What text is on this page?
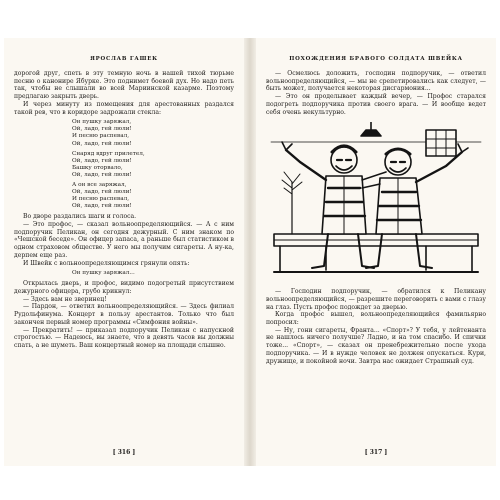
ЯРОСЛАВ ГАШЕК

дорогой друг, спеть в эту темную ночь в нашей тихой тюрьме песню о канонире Ябурке. Это поднимет боевой дух. Но надо петь так, чтобы не слышали во всей Мариинской казарме. Поэтому предлагаю закрыть дверь.

И через минуту из помещения для арестованных раздался такой рев, что в коридоре задрожали стекла:

Он пушку заряжал,
Ой, ладо, гей люли!
И песню распевал,
Ой, ладо, гей люли!
Снаряд вдруг прилетел,
Ой, ладо, гей люли!
Башку оторвало,
Ой, ладо, гей люли!
А он все заряжал,
Ой, ладо, гей люли!
И песню распевал,
Ой, ладо, гей люли!

Во дворе раздались шаги и голоса.

— Это профос, — сказал вольноопределяющийся. — А с ним подпоручик Пеликан, он сегодня дежурный. С ним знаком по «Чешской беседе». Он офицер запаса, а раньше был статистиком в одном страховом обществе. У него мы получим сигареты. А ну-ка, дерпем еще раз.

И Швейк с вольноопределяющимся грянули опять:

Он пушку заряжал...

Открылась дверь, и профос, видимо подогретый присутствием дежурного офицера, грубо крикнул:

— Здесь вам не зверинец!

— Пардон, — ответил вольноопределяющийся. — Здесь филиал Рудольфинума. Концерт в пользу арестантов. Только что был закончен первый номер программы «Симфония войны».

— Прекратить! — приказал подпоручик Пеликан с напускной строгостью. — Надеюсь, вы знаете, что в девять часов вы должны спать, а не шуметь. Ваш концертный номер на площади слышно.

[ 316 ]
ПОХОЖДЕНИЯ БРАВОГО СОЛДАТА ШВЕЙКА

— Осмелюсь доложить, господин подпоручик, — ответил вольноопределяющийся, — мы не срепетировались как следует, — быть может, получается некоторая дисгармония...

— Это он проделывает каждый вечер, — Профос старался подогреть подпоручика против своего врага. — И вообще ведет себя очень некультурно.

— Господин подпоручик, — обратился к Пеликану вольноопределяющийся, — разрешите переговорить с вами с глазу на глаз. Пусть профос подождет за дверью.

Когда профос вышел, вольноопределяющийся фамильярно попросил:

— Ну, гони сигареты, Франта... «Спорт»? У тебя, у лейтенанта не нашлось ничего получше? Ладно, и на том спасибо. И спички тоже... «Спорт», — сказал он пренебрежительно после ухода подпоручика. — И в нужде человек не должен опускаться. Кури, дружище, и покойной ночи. Завтра нас ожидает Страшный суд.

[ 317 ]
